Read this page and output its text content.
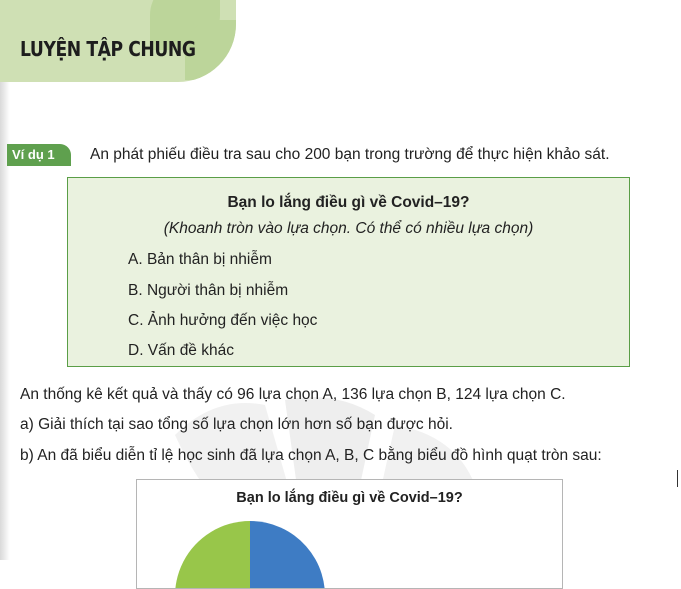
LUYỆN TẬP CHUNG
Ví dụ 1 An phát phiếu điều tra sau cho 200 bạn trong trường để thực hiện khảo sát.
Bạn lo lắng điều gì về Covid–19?
(Khoanh tròn vào lựa chọn. Có thể có nhiều lựa chọn)
A. Bản thân bị nhiễm
B. Người thân bị nhiễm
C. Ảnh hưởng đến việc học
D. Vấn đề khác
An thống kê kết quả và thấy có 96 lựa chọn A, 136 lựa chọn B, 124 lựa chọn C.
a) Giải thích tại sao tổng số lựa chọn lớn hơn số bạn được hỏi.
b) An đã biểu diễn tỉ lệ học sinh đã lựa chọn A, B, C bằng biểu đồ hình quạt tròn sau:
Bạn lo lắng điều gì về Covid–19?
